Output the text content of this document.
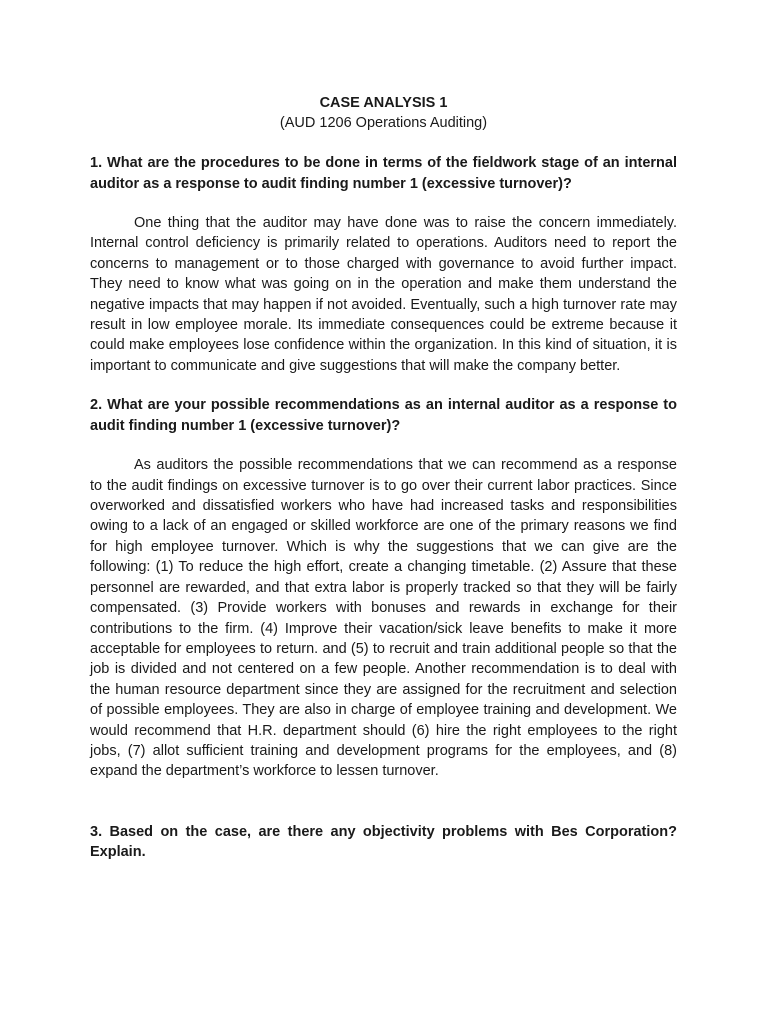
CASE ANALYSIS 1

(AUD 1206 Operations Auditing)

1. What are the procedures to be done in terms of the fieldwork stage of an internal auditor as a response to audit finding number 1 (excessive turnover)?

One thing that the auditor may have done was to raise the concern immediately. Internal control deficiency is primarily related to operations. Auditors need to report the concerns to management or to those charged with governance to avoid further impact. They need to know what was going on in the operation and make them understand the negative impacts that may happen if not avoided. Eventually, such a high turnover rate may result in low employee morale. Its immediate consequences could be extreme because it could make employees lose confidence within the organization. In this kind of situation, it is important to communicate and give suggestions that will make the company better.

2. What are your possible recommendations as an internal auditor as a response to audit finding number 1 (excessive turnover)?

As auditors the possible recommendations that we can recommend as a response to the audit findings on excessive turnover is to go over their current labor practices. Since overworked and dissatisfied workers who have had increased tasks and responsibilities owing to a lack of an engaged or skilled workforce are one of the primary reasons we find for high employee turnover. Which is why the suggestions that we can give are the following: (1) To reduce the high effort, create a changing timetable. (2) Assure that these personnel are rewarded, and that extra labor is properly tracked so that they will be fairly compensated. (3) Provide workers with bonuses and rewards in exchange for their contributions to the firm. (4) Improve their vacation/sick leave benefits to make it more acceptable for employees to return. and (5) to recruit and train additional people so that the job is divided and not centered on a few people. Another recommendation is to deal with the human resource department since they are assigned for the recruitment and selection of possible employees. They are also in charge of employee training and development. We would recommend that H.R. department should (6) hire the right employees to the right jobs, (7) allot sufficient training and development programs for the employees, and (8) expand the department’s workforce to lessen turnover.

3. Based on the case, are there any objectivity problems with Bes Corporation? Explain.
